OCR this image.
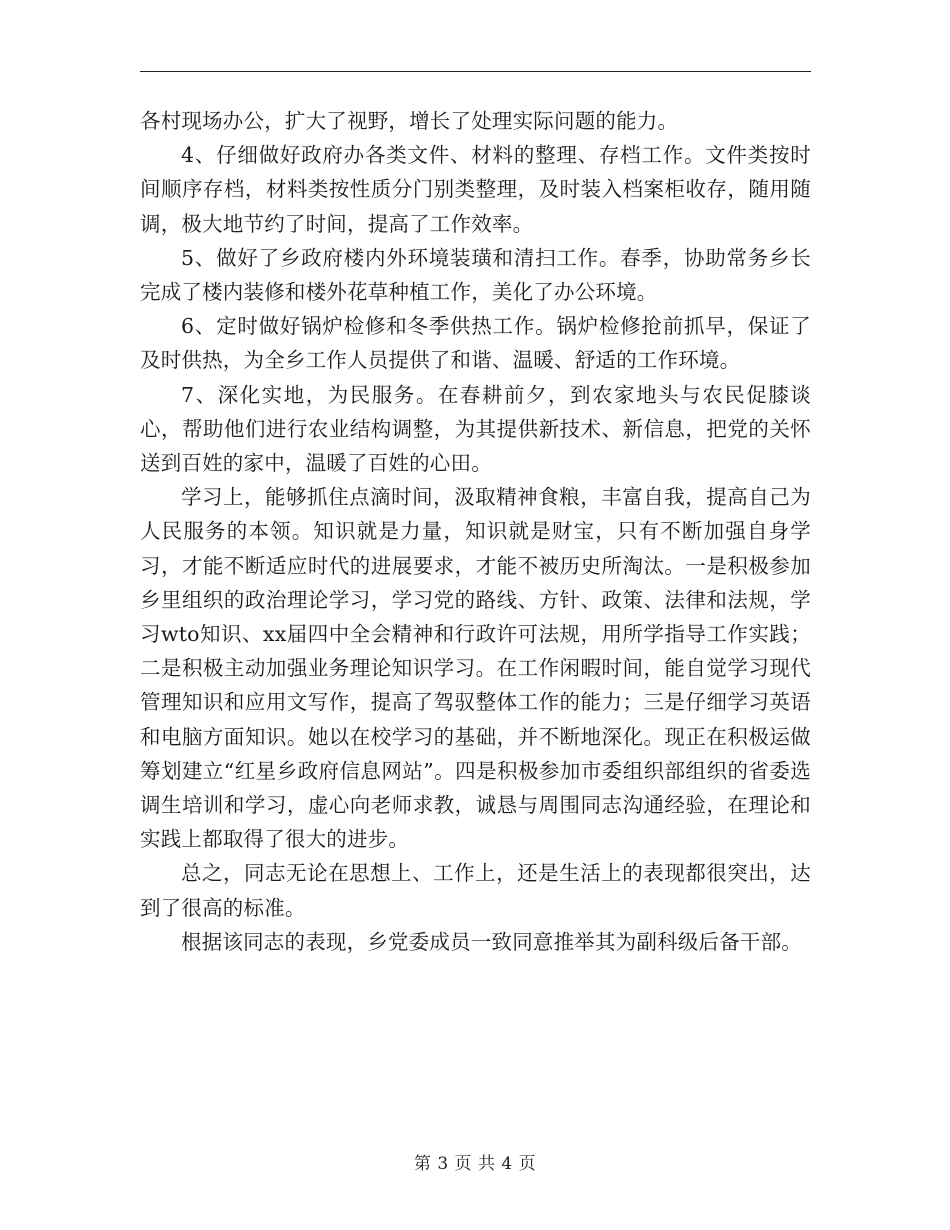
各村现场办公，扩大了视野，增长了处理实际问题的能力。

4、仔细做好政府办各类文件、材料的整理、存档工作。文件类按时间顺序存档，材料类按性质分门别类整理，及时装入档案柜收存，随用随调，极大地节约了时间，提高了工作效率。

5、做好了乡政府楼内外环境装璜和清扫工作。春季，协助常务乡长完成了楼内装修和楼外花草种植工作，美化了办公环境。

6、定时做好锅炉检修和冬季供热工作。锅炉检修抢前抓早，保证了及时供热，为全乡工作人员提供了和谐、温暖、舒适的工作环境。

7、深化实地，为民服务。在春耕前夕，到农家地头与农民促膝谈心，帮助他们进行农业结构调整，为其提供新技术、新信息，把党的关怀送到百姓的家中，温暖了百姓的心田。

学习上，能够抓住点滴时间，汲取精神食粮，丰富自我，提高自己为人民服务的本领。知识就是力量，知识就是财宝，只有不断加强自身学习，才能不断适应时代的进展要求，才能不被历史所淘汰。一是积极参加乡里组织的政治理论学习，学习党的路线、方针、政策、法律和法规，学习wto知识、xx届四中全会精神和行政许可法规，用所学指导工作实践；二是积极主动加强业务理论知识学习。在工作闲暇时间，能自觉学习现代管理知识和应用文写作，提高了驾驭整体工作的能力；三是仔细学习英语和电脑方面知识。她以在校学习的基础，并不断地深化。现正在积极运做筹划建立“红星乡政府信息网站”。四是积极参加市委组织部组织的省委选调生培训和学习，虚心向老师求教，诚恳与周围同志沟通经验，在理论和实践上都取得了很大的进步。

总之，同志无论在思想上、工作上，还是生活上的表现都很突出，达到了很高的标准。

根据该同志的表现，乡党委成员一致同意推举其为副科级后备干部。

第 3 页 共 4 页
